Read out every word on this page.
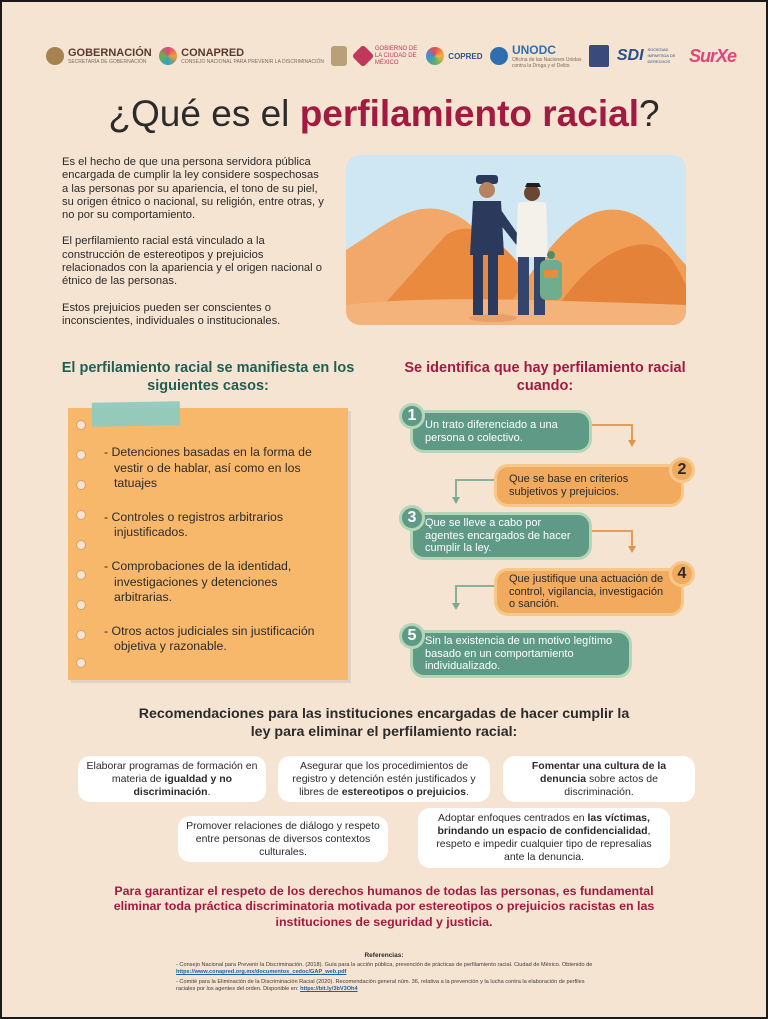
GOBERNACIÓN
SECRETARÍA DE GOBERNACIÓN
CONAPRED
CONSEJO NACIONAL PARA PREVENIR LA DISCRIMINACIÓN
GOBIERNO DE LA CIUDAD DE MÉXICO
COPRED UNODC
Oficina de las Naciones Unidas contra la Droga y el Delito
SDI SOCIEDAD IMPARTIDA DE DERECHOS	SurXe
¿Qué es el perfilamiento racial?

Es el hecho de que una persona servidora pública encargada de cumplir la ley considere sospechosas a las personas por su apariencia, el tono de su piel, su origen étnico o nacional, su religión, entre otras, y no por su comportamiento.

El perfilamiento racial está vinculado a la construcción de estereotipos y prejuicios relacionados con la apariencia y el origen nacional o étnico de las personas.

Estos prejuicios pueden ser conscientes o inconscientes, individuales o institucionales.

El perfilamiento racial se manifiesta en los siguientes casos:
Se identifica que hay perfilamiento racial cuando:

- Detenciones basadas en la forma de vestir o de hablar, así como en los tatuajes

- Controles o registros arbitrarios injustificados.

- Comprobaciones de la identidad, investigaciones y detenciones arbitrarias.

- Otros actos judiciales sin justificación objetiva y razonable.

1
Un trato diferenciado a una persona o colectivo.
2
Que se base en criterios subjetivos y prejuicios.
3 Que se lleve a cabo por agentes encargados de hacer cumplir la ley.
4
Que justifique una actuación de control, vigilancia, investigación o sanción.
5 Sin la existencia de un motivo legítimo basado en un comportamiento individualizado.
Recomendaciones para las instituciones encargadas de hacer cumplir la ley para eliminar el perfilamiento racial:
Elaborar programas de formación en materia de igualdad y no discriminación.
Asegurar que los procedimientos de registro y detención estén justificados y libres de estereotipos o prejuicios.
Fomentar una cultura de la denuncia sobre actos de discriminación.
Promover relaciones de diálogo y respeto entre personas de diversos contextos culturales.
Adoptar enfoques centrados en las víctimas, brindando un espacio de confidencialidad, respeto e impedir cualquier tipo de represalias ante la denuncia.

Para garantizar el respeto de los derechos humanos de todas las personas, es fundamental eliminar toda práctica discriminatoria motivada por estereotipos o prejuicios racistas en las instituciones de seguridad y justicia.

Referencias:

- Consejo Nacional para Prevenir la Discriminación. (2018). Guía para la acción pública, prevención de prácticas de perfilamiento racial. Ciudad de México. Obtenido de https://www.conapred.org.mx/documentos_cedoc/GAP_web.pdf

- Comité para la Eliminación de la Discriminación Racial (2020). Recomendación general núm. 36, relativa a la prevención y la lucha contra la elaboración de perfiles raciales por los agentes del orden. Disponible en: https://bit.ly/3bV3Oh4
